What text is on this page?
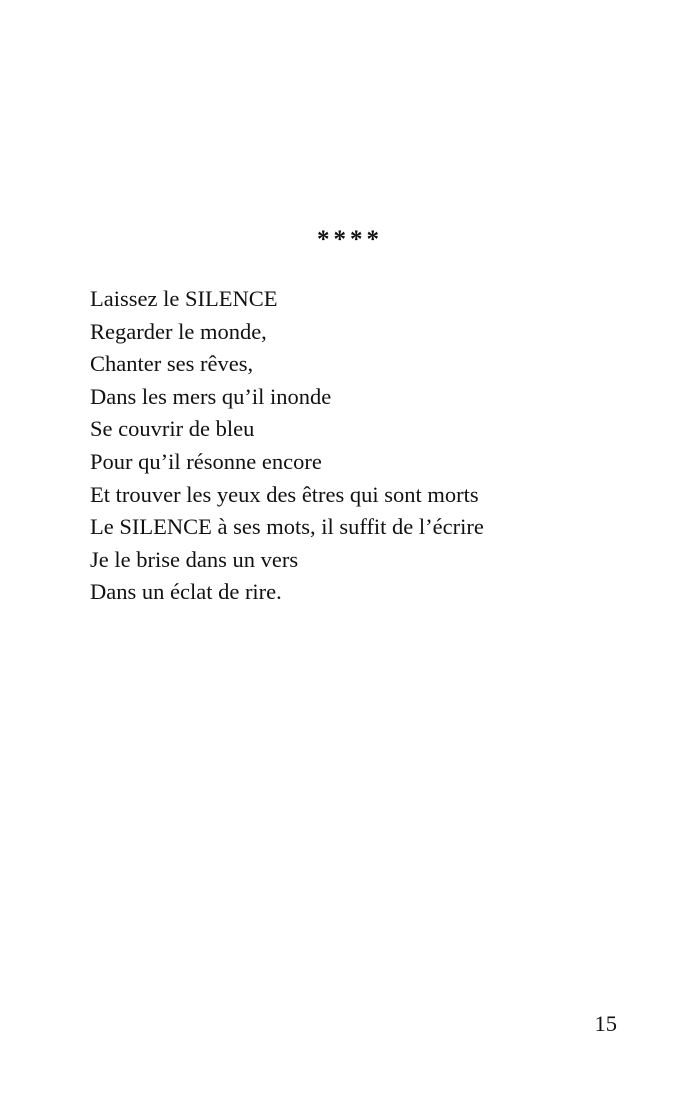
****
Laissez le SILENCE
Regarder le monde,
Chanter ses rêves,
Dans les mers qu’il inonde
Se couvrir de bleu
Pour qu’il résonne encore
Et trouver les yeux des êtres qui sont morts
Le SILENCE à ses mots, il suffit de l’écrire
Je le brise dans un vers
Dans un éclat de rire.
15
